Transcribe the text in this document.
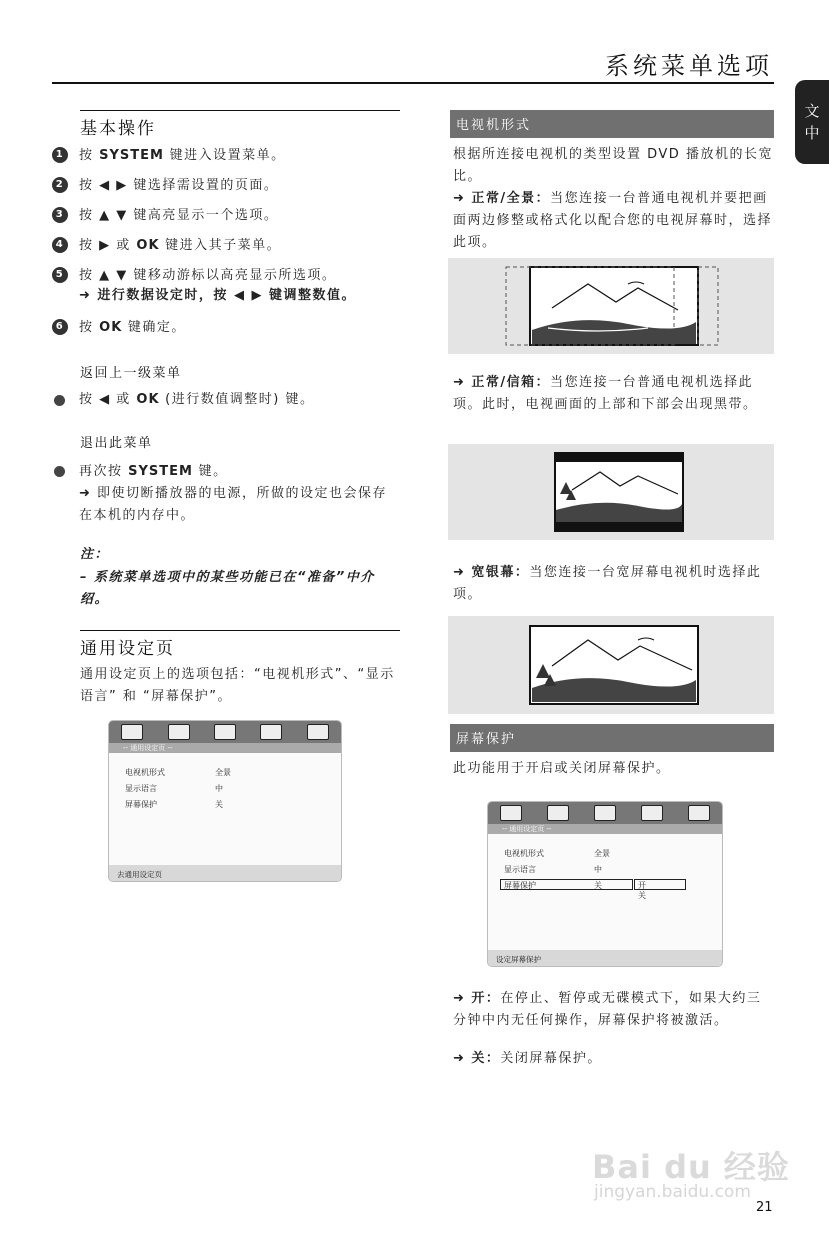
系统菜单选项
文
中
基本操作
1 按 SYSTEM 键进入设置菜单。
2 按 ◀ ▶ 键选择需设置的页面。
3 按 ▲ ▼ 键高亮显示一个选项。
4 按 ▶ 或 OK 键进入其子菜单。
5 按 ▲ ▼ 键移动游标以高亮显示所选项。
➜ 进行数据设定时，按 ◀ ▶ 键调整数值。
6 按 OK 键确定。
返回上一级菜单
按 ◀ 或 OK (进行数值调整时) 键。
退出此菜单
再次按 SYSTEM 键。
➜ 即使切断播放器的电源，所做的设定也会保存在本机的内存中。
注：
– 系统菜单选项中的某些功能已在“准备”中介绍。
通用设定页
通用设定页上的选项包括：“电视机形式”、“显示语言” 和 “屏幕保护”。
-- 通用设定页 --
电视机形式	全景
显示语言	中
屏幕保护	关
去通用设定页
电视机形式
根据所连接电视机的类型设置 DVD 播放机的长宽比。
➜ 正常/全景：当您连接一台普通电视机并要把画面两边修整或格式化以配合您的电视屏幕时，选择此项。
➜ 正常/信箱：当您连接一台普通电视机选择此项。此时，电视画面的上部和下部会出现黑带。
➜ 宽银幕：当您连接一台宽屏幕电视机时选择此项。
屏幕保护
此功能用于开启或关闭屏幕保护。
-- 通用设定页 --
电视机形式	全景
显示语言	中
屏幕保护	关	开
关
设定屏幕保护
➜ 开：在停止、暂停或无碟模式下，如果大约三分钟中内无任何操作，屏幕保护将被激活。
➜ 关：关闭屏幕保护。
Bai du 经验
jingyan.baidu.com
21
